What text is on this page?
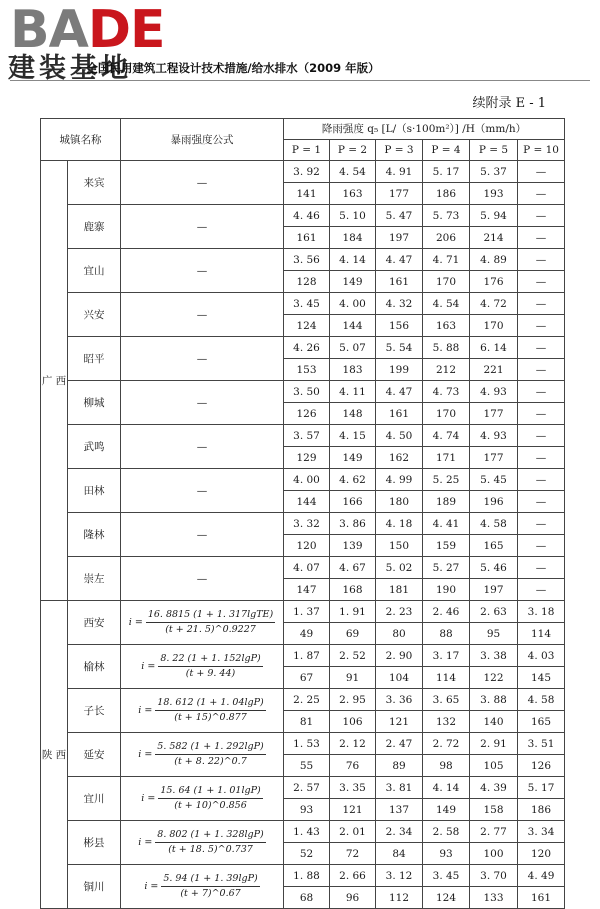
BADE
建装基地
· 全国民用建筑工程设计技术措施/给水排水（2009 年版）
续附录 E - 1
城镇名称		暴雨强度公式	降雨强度 q₅ [L/（s·100m²）] /H（mm/h）					
			P = 1	P = 2	P = 3	P = 4	P = 5	P = 10
广 西	来宾	—	3. 92	4. 54	4. 91	5. 17	5. 37	—
			141	163	177	186	193	—
	鹿寨	—	4. 46	5. 10	5. 47	5. 73	5. 94	—
			161	184	197	206	214	—
	宜山	—	3. 56	4. 14	4. 47	4. 71	4. 89	—
			128	149	161	170	176	—
	兴安	—	3. 45	4. 00	4. 32	4. 54	4. 72	—
			124	144	156	163	170	—
	昭平	—	4. 26	5. 07	5. 54	5. 88	6. 14	—
			153	183	199	212	221	—
	柳城	—	3. 50	4. 11	4. 47	4. 73	4. 93	—
			126	148	161	170	177	—
	武鸣	—	3. 57	4. 15	4. 50	4. 74	4. 93	—
			129	149	162	171	177	—
	田林	—	4. 00	4. 62	4. 99	5. 25	5. 45	—
			144	166	180	189	196	—
	隆林	—	3. 32	3. 86	4. 18	4. 41	4. 58	—
			120	139	150	159	165	—
	崇左	—	4. 07	4. 67	5. 02	5. 27	5. 46	—
			147	168	181	190	197	—
陕 西	西安	$i = \frac{\text{16. 8815 (1 + 1. 317lgTE)}}{(t + 21. 5)\^{}0.9227}$	1. 37	1. 91	2. 23	2. 46	2. 63	3. 18
			49	69	80	88	95	114
	榆林	$i = \frac{8. 22 (1 + 1. 152\lg P)}{(t + 9. 44)}$	1. 87	2. 52	2. 90	3. 17	3. 38	4. 03
			67	91	104	114	122	145
	子长	$i = \frac{18. 612 (1 + 1. 04\lg P)}{(t + 15)\^{}0.877}$	2. 25	2. 95	3. 36	3. 65	3. 88	4. 58
			81	106	121	132	140	165
	延安	$i = \frac{5. 582 (1 + 1. 292\lg P)}{(t + 8. 22)\^{}0.7}$	1. 53	2. 12	2. 47	2. 72	2. 91	3. 51
			55	76	89	98	105	126
	宜川	$i = \frac{15. 64 (1 + 1. 01\lg P)}{(t + 10)\^{}0.856}$	2. 57	3. 35	3. 81	4. 14	4. 39	5. 17
			93	121	137	149	158	186
	彬县	$i = \frac{8. 802 (1 + 1. 328\lg P)}{(t + 18. 5)\^{}0.737}$	1. 43	2. 01	2. 34	2. 58	2. 77	3. 34
			52	72	84	93	100	120
	铜川	$i = \frac{5. 94 (1 + 1. 39\lg P)}{(t + 7)\^{}0.67}$	1. 88	2. 66	3. 12	3. 45	3. 70	4. 49
			68	96	112	124	133	161
